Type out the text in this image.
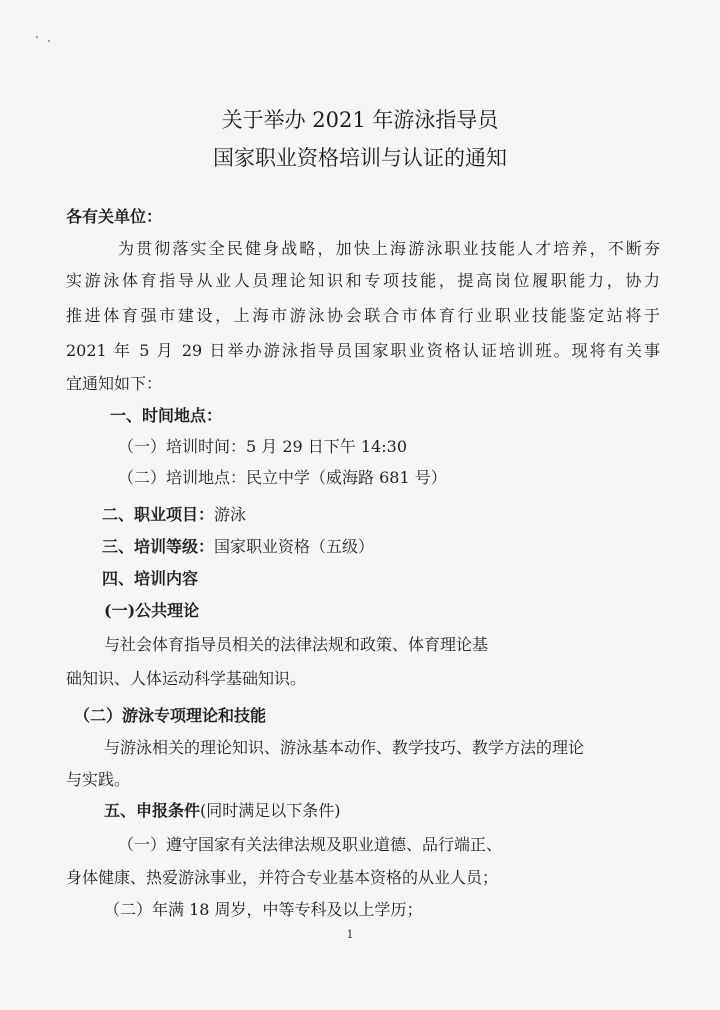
关于举办 2021 年游泳指导员
国家职业资格培训与认证的通知
各有关单位：
为贯彻落实全民健身战略，加快上海游泳职业技能人才培养，不断夯
实游泳体育指导从业人员理论知识和专项技能，提高岗位履职能力，协力
推进体育强市建设，上海市游泳协会联合市体育行业职业技能鉴定站将于
2021 年 5 月 29 日举办游泳指导员国家职业资格认证培训班。现将有关事
宜通知如下：
一、时间地点：
（一）培训时间：5 月 29 日下午 14:30
（二）培训地点：民立中学（威海路 681 号）
二、职业项目：游泳
三、培训等级：国家职业资格（五级）
四、培训内容
(一)公共理论
与社会体育指导员相关的法律法规和政策、体育理论基
础知识、人体运动科学基础知识。
（二）游泳专项理论和技能
与游泳相关的理论知识、游泳基本动作、教学技巧、教学方法的理论
与实践。
五、申报条件(同时满足以下条件)
（一）遵守国家有关法律法规及职业道德、品行端正、
身体健康、热爱游泳事业，并符合专业基本资格的从业人员；
（二）年满 18 周岁，中等专科及以上学历；
1
